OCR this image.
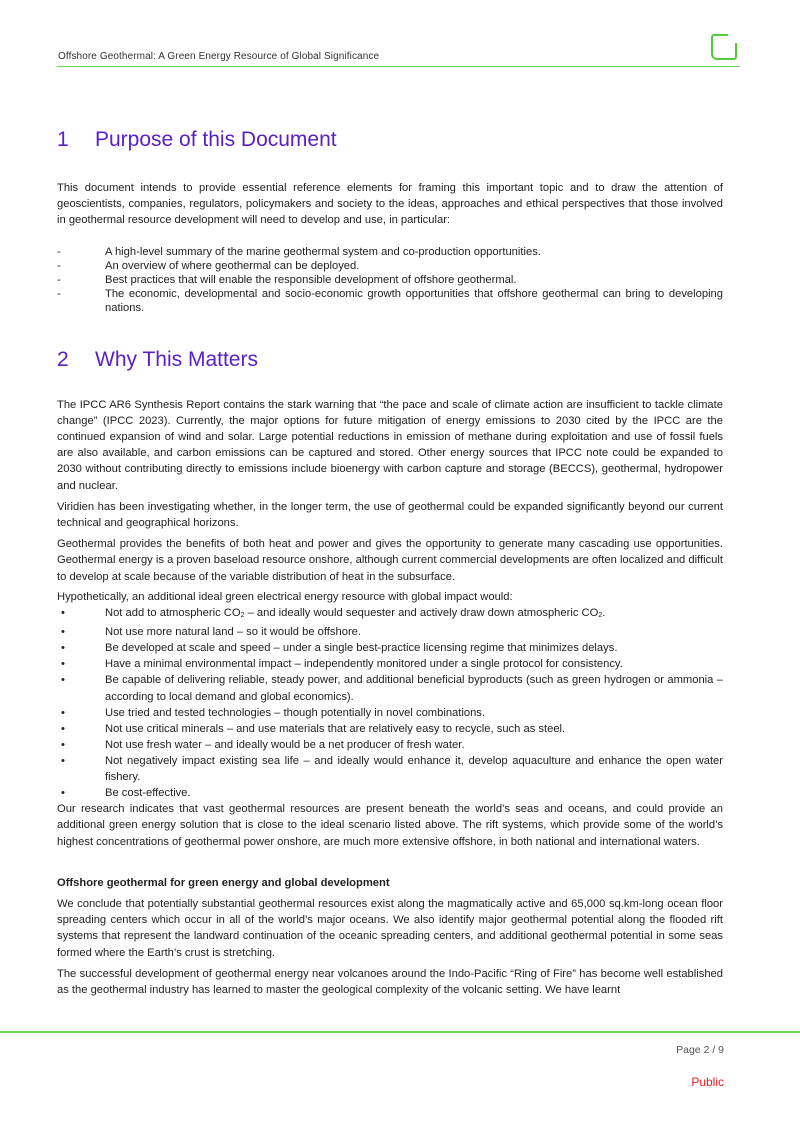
Offshore Geothermal: A Green Energy Resource of Global Significance
1	Purpose of this Document

This document intends to provide essential reference elements for framing this important topic and to draw the attention of geoscientists, companies, regulators, policymakers and society to the ideas, approaches and ethical perspectives that those involved in geothermal resource development will need to develop and use, in particular:

- A high-level summary of the marine geothermal system and co-production opportunities.
- An overview of where geothermal can be deployed.
- Best practices that will enable the responsible development of offshore geothermal.
- The economic, developmental and socio-economic growth opportunities that offshore geothermal can bring to developing nations.
2	Why This Matters

The IPCC AR6 Synthesis Report contains the stark warning that “the pace and scale of climate action are insufficient to tackle climate change” (IPCC 2023). Currently, the major options for future mitigation of energy emissions to 2030 cited by the IPCC are the continued expansion of wind and solar. Large potential reductions in emission of methane during exploitation and use of fossil fuels are also available, and carbon emissions can be captured and stored. Other energy sources that IPCC note could be expanded to 2030 without contributing directly to emissions include bioenergy with carbon capture and storage (BECCS), geothermal, hydropower and nuclear.

Viridien has been investigating whether, in the longer term, the use of geothermal could be expanded significantly beyond our current technical and geographical horizons.

Geothermal provides the benefits of both heat and power and gives the opportunity to generate many cascading use opportunities. Geothermal energy is a proven baseload resource onshore, although current commercial developments are often localized and difficult to develop at scale because of the variable distribution of heat in the subsurface.

Hypothetically, an additional ideal green electrical energy resource with global impact would:

• Not add to atmospheric $CO_2$ – and ideally would sequester and actively draw down atmospheric $CO_2$.
• Not use more natural land – so it would be offshore.
• Be developed at scale and speed – under a single best-practice licensing regime that minimizes delays.
• Have a minimal environmental impact – independently monitored under a single protocol for consistency.
• Be capable of delivering reliable, steady power, and additional beneficial byproducts (such as green hydrogen or ammonia – according to local demand and global economics).
• Use tried and tested technologies – though potentially in novel combinations.
• Not use critical minerals – and use materials that are relatively easy to recycle, such as steel.
• Not use fresh water – and ideally would be a net producer of fresh water.
• Not negatively impact existing sea life – and ideally would enhance it, develop aquaculture and enhance the open water fishery.
• Be cost-effective.

Our research indicates that vast geothermal resources are present beneath the world’s seas and oceans, and could provide an additional green energy solution that is close to the ideal scenario listed above. The rift systems, which provide some of the world’s highest concentrations of geothermal power onshore, are much more extensive offshore, in both national and international waters.

Offshore geothermal for green energy and global development

We conclude that potentially substantial geothermal resources exist along the magmatically active and 65,000 sq.km-long ocean floor spreading centers which occur in all of the world’s major oceans. We also identify major geothermal potential along the flooded rift systems that represent the landward continuation of the oceanic spreading centers, and additional geothermal potential in some seas formed where the Earth’s crust is stretching.

The successful development of geothermal energy near volcanoes around the Indo-Pacific “Ring of Fire” has become well established as the geothermal industry has learned to master the geological complexity of the volcanic setting. We have learnt

Page 2 / 9
Public
